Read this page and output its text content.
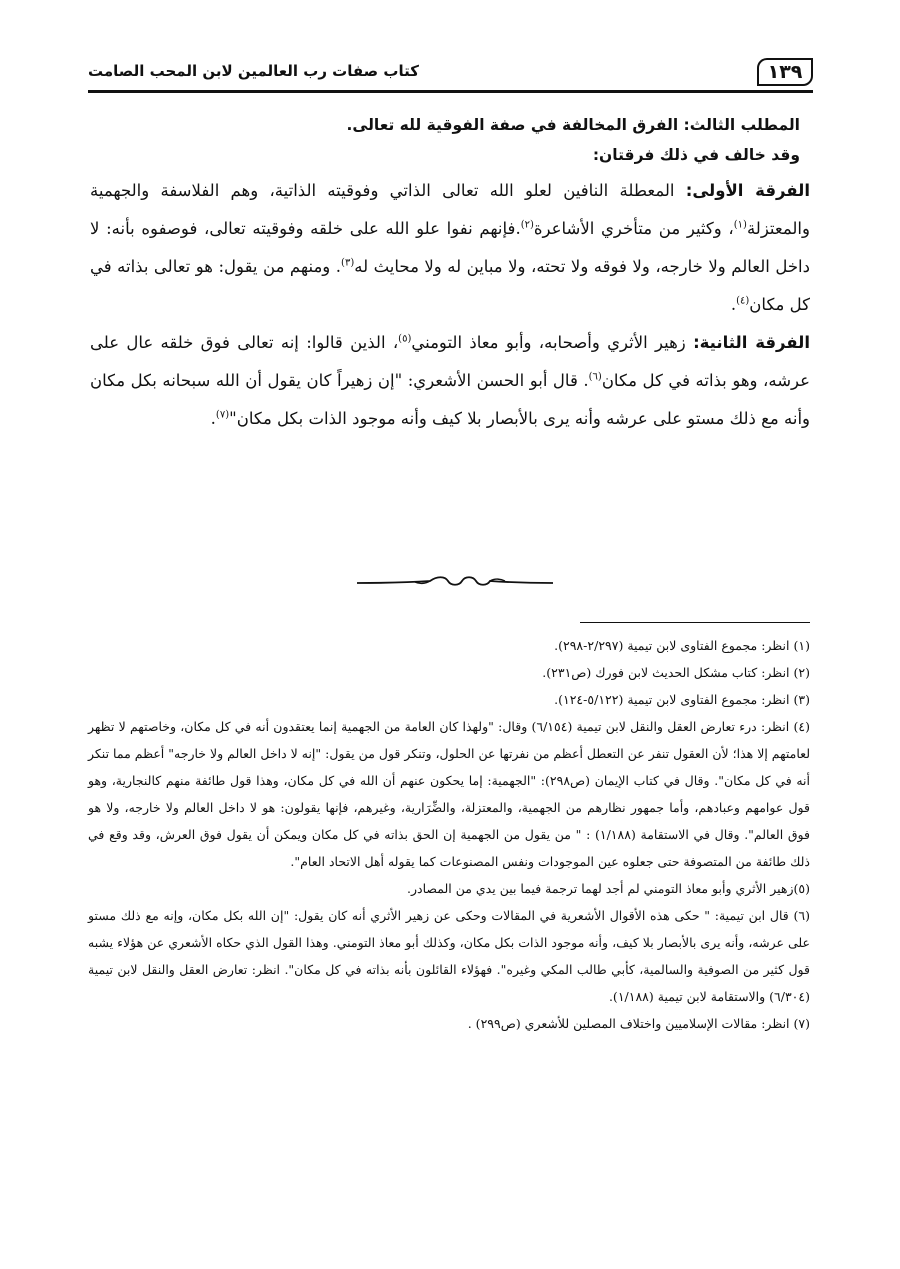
١٣٩
كتاب صفات رب العالمين لابن المحب الصامت

المطلب الثالث: الفرق المخالفة في صفة الفوقية لله تعالى.

وقد خالف في ذلك فرقتان:

الفرقة الأولى: المعطلة النافين لعلو الله تعالى الذاتي وفوقيته الذاتية، وهم الفلاسفة والجهمية والمعتزلة$^{(١)}$، وكثير من متأخري الأشاعرة$^{(٢)}$.فإنهم نفوا علو الله على خلقه وفوقيته تعالى، فوصفوه بأنه: لا داخل العالم ولا خارجه، ولا فوقه ولا تحته، ولا مباين له ولا محايث له$^{(٣)}$. ومنهم من يقول: هو تعالى بذاته في كل مكان$^{(٤)}$.

الفرقة الثانية: زهير الأثري وأصحابه، وأبو معاذ التومني$^{(٥)}$، الذين قالوا: إنه تعالى فوق خلقه عال على عرشه، وهو بذاته في كل مكان$^{(٦)}$. قال أبو الحسن الأشعري: "إن زهيراً كان يقول أن الله سبحانه بكل مكان وأنه مع ذلك مستو على عرشه وأنه يرى بالأبصار بلا كيف وأنه موجود الذات بكل مكان"$^{(٧)}$.

(١) انظر: مجموع الفتاوى لابن تيمية (٢/٢٩٧-٢٩٨).

(٢) انظر: كتاب مشكل الحديث لابن فورك (ص٢٣١).

(٣) انظر: مجموع الفتاوى لابن تيمية (٥/١٢٢-١٢٤).

(٤) انظر: درء تعارض العقل والنقل لابن تيمية (٦/١٥٤) وقال: "ولهذا كان العامة من الجهمية إنما يعتقدون أنه في كل مكان، وخاصتهم لا تظهر لعامتهم إلا هذا؛ لأن العقول تنفر عن التعطل أعظم من نفرتها عن الحلول، وتنكر قول من يقول: "إنه لا داخل العالم ولا خارجه" أعظم مما تنكر أنه في كل مكان". وقال في كتاب الإيمان (ص٢٩٨): "الجهمية: إما يحكون عنهم أن الله في كل مكان، وهذا قول طائفة منهم كالنجارية، وهو قول عوامهم وعبادهم، وأما جمهور نظارهم من الجهمية، والمعتزلة، والضِّرَارية، وغيرهم، فإنها يقولون: هو لا داخل العالم ولا خارجه، ولا هو فوق العالم". وقال في الاستقامة (١/١٨٨) : " من يقول من الجهمية إن الحق بذاته في كل مكان ويمكن أن يقول فوق العرش، وقد وقع في ذلك طائفة من المتصوفة حتى جعلوه عين الموجودات ونفس المصنوعات كما يقوله أهل الاتحاد العام".

(٥)زهير الأثري وأبو معاذ التومني لم أجد لهما ترجمة فيما بين يدي من المصادر.

(٦) قال ابن تيمية: " حكى هذه الأقوال الأشعرية في المقالات وحكى عن زهير الأثري أنه كان يقول: "إن الله بكل مكان، وإنه مع ذلك مستو على عرشه، وأنه يرى بالأبصار بلا كيف، وأنه موجود الذات بكل مكان، وكذلك أبو معاذ التومني. وهذا القول الذي حكاه الأشعري عن هؤلاء يشبه قول كثير من الصوفية والسالمية، كأبي طالب المكي وغيره". فهؤلاء القائلون بأنه بذاته في كل مكان". انظر: تعارض العقل والنقل لابن تيمية (٦/٣٠٤) والاستقامة لابن تيمية (١/١٨٨).

(٧) انظر: مقالات الإسلاميين واختلاف المصلين للأشعري (ص٢٩٩) .
